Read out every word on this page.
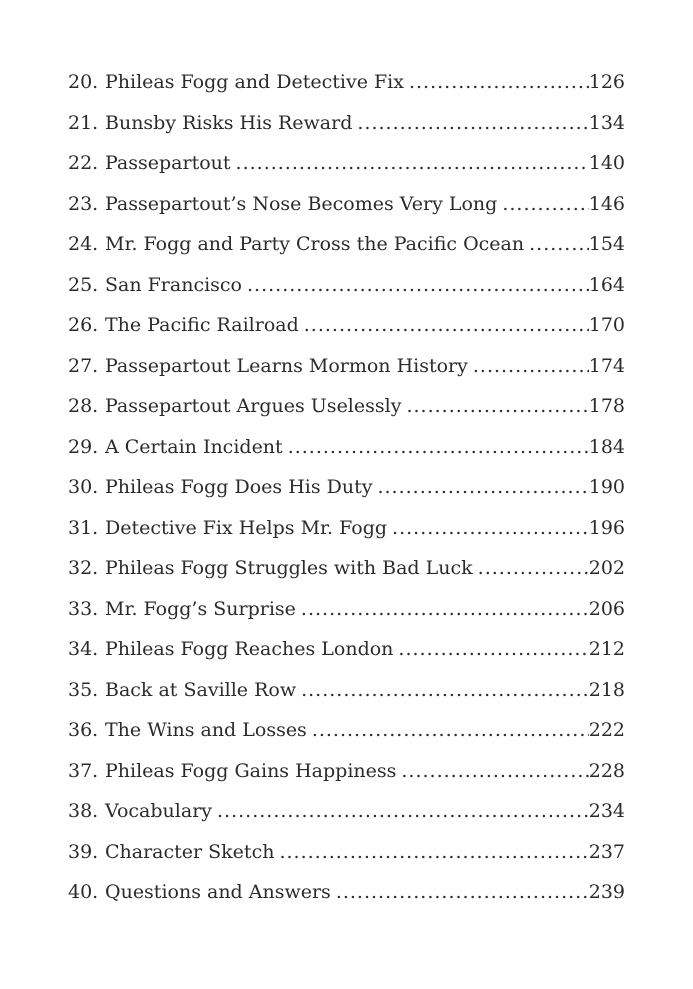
20. Phileas Fogg and Detective Fix .....	126
21. Bunsby Risks His Reward .....	134
22. Passepartout .....	140
23. Passepartout’s Nose Becomes Very Long .....	146
24. Mr. Fogg and Party Cross the Pacific Ocean .....	154
25. San Francisco .....	164
26. The Pacific Railroad .....	170
27. Passepartout Learns Mormon History .....	174
28. Passepartout Argues Uselessly .....	178
29. A Certain Incident .....	184
30. Phileas Fogg Does His Duty .....	190
31. Detective Fix Helps Mr. Fogg .....	196
32. Phileas Fogg Struggles with Bad Luck .....	202
33. Mr. Fogg’s Surprise .....	206
34. Phileas Fogg Reaches London .....	212
35. Back at Saville Row .....	218
36. The Wins and Losses .....	222
37. Phileas Fogg Gains Happiness .....	228
38. Vocabulary .....	234
39. Character Sketch .....	237
40. Questions and Answers .....	239
